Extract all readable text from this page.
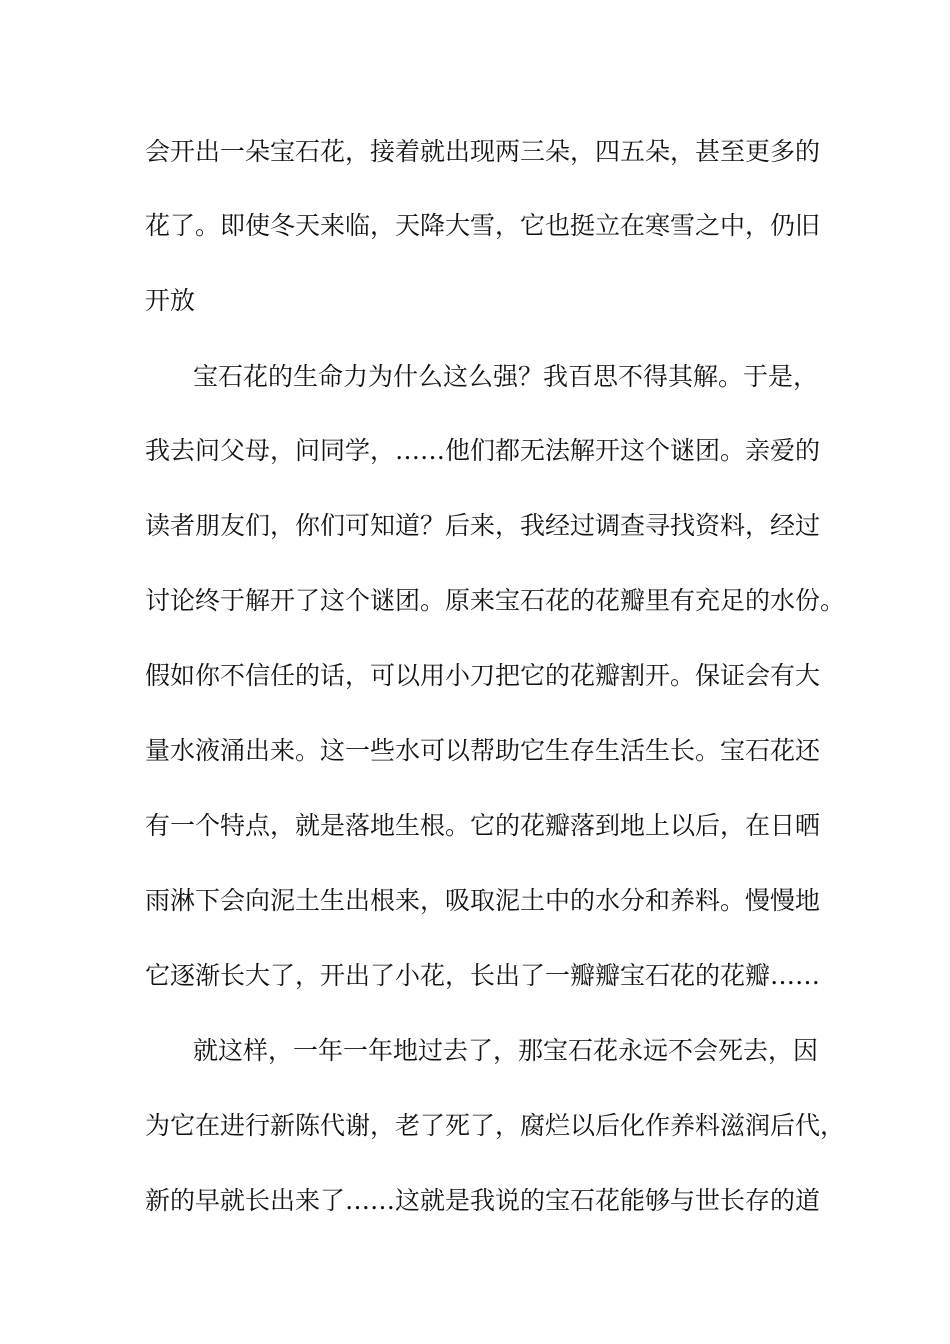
会开出一朵宝石花，接着就出现两三朵，四五朵，甚至更多的
花了。即使冬天来临，天降大雪，它也挺立在寒雪之中，仍旧
开放
宝石花的生命力为什么这么强？我百思不得其解。于是，
我去问父母，问同学，……他们都无法解开这个谜团。亲爱的
读者朋友们，你们可知道？后来，我经过调查寻找资料，经过
讨论终于解开了这个谜团。原来宝石花的花瓣里有充足的水份。
假如你不信任的话，可以用小刀把它的花瓣割开。保证会有大
量水液涌出来。这一些水可以帮助它生存生活生长。宝石花还
有一个特点，就是落地生根。它的花瓣落到地上以后，在日晒
雨淋下会向泥土生出根来，吸取泥土中的水分和养料。慢慢地
它逐渐长大了，开出了小花，长出了一瓣瓣宝石花的花瓣……
就这样，一年一年地过去了，那宝石花永远不会死去，因
为它在进行新陈代谢，老了死了，腐烂以后化作养料滋润后代，
新的早就长出来了……这就是我说的宝石花能够与世长存的道
